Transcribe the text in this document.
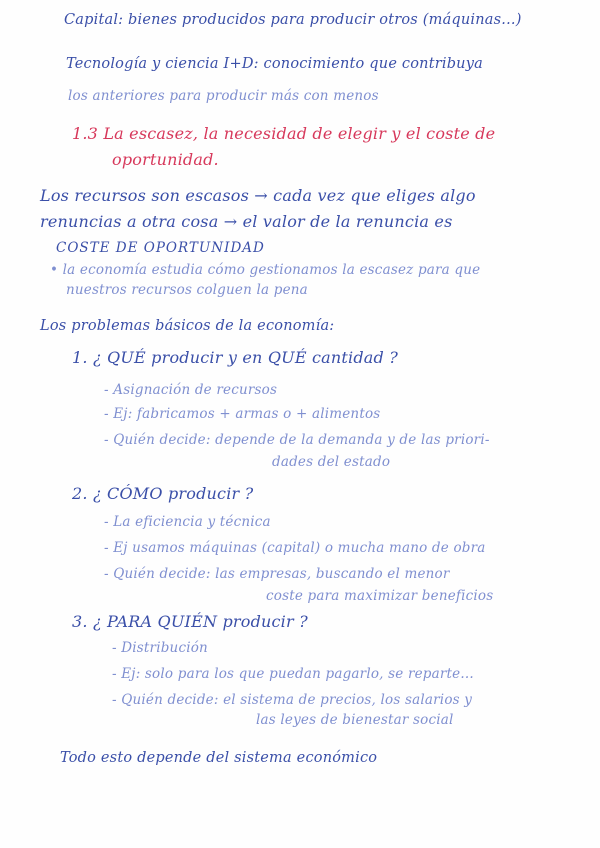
Capital: bienes producidos para producir otros (máquinas...)
Tecnología y ciencia I+D: conocimiento que contribuya
los anteriores para producir más con menos
1.3 La escasez, la necesidad de elegir y el coste de
oportunidad.
Los recursos son escasos → cada vez que eliges algo
renuncias a otra cosa → el valor de la renuncia es
COSTE DE OPORTUNIDAD
• la economía estudia cómo gestionamos la escasez para que
nuestros recursos colguen la pena
Los problemas básicos de la economía:
1. ¿ QUÉ producir y en QUÉ cantidad ?
- Asignación de recursos
- Ej: fabricamos + armas o + alimentos
- Quién decide: depende de la demanda y de las priori-
dades del estado
2. ¿ CÓMO producir ?
- La eficiencia y técnica
- Ej usamos máquinas (capital) o mucha mano de obra
- Quién decide: las empresas, buscando el menor
coste para maximizar beneficios
3. ¿ PARA QUIÉN producir ?
- Distribución
- Ej: solo para los que puedan pagarlo, se reparte...
- Quién decide: el sistema de precios, los salarios y
las leyes de bienestar social
Todo esto depende del sistema económico
